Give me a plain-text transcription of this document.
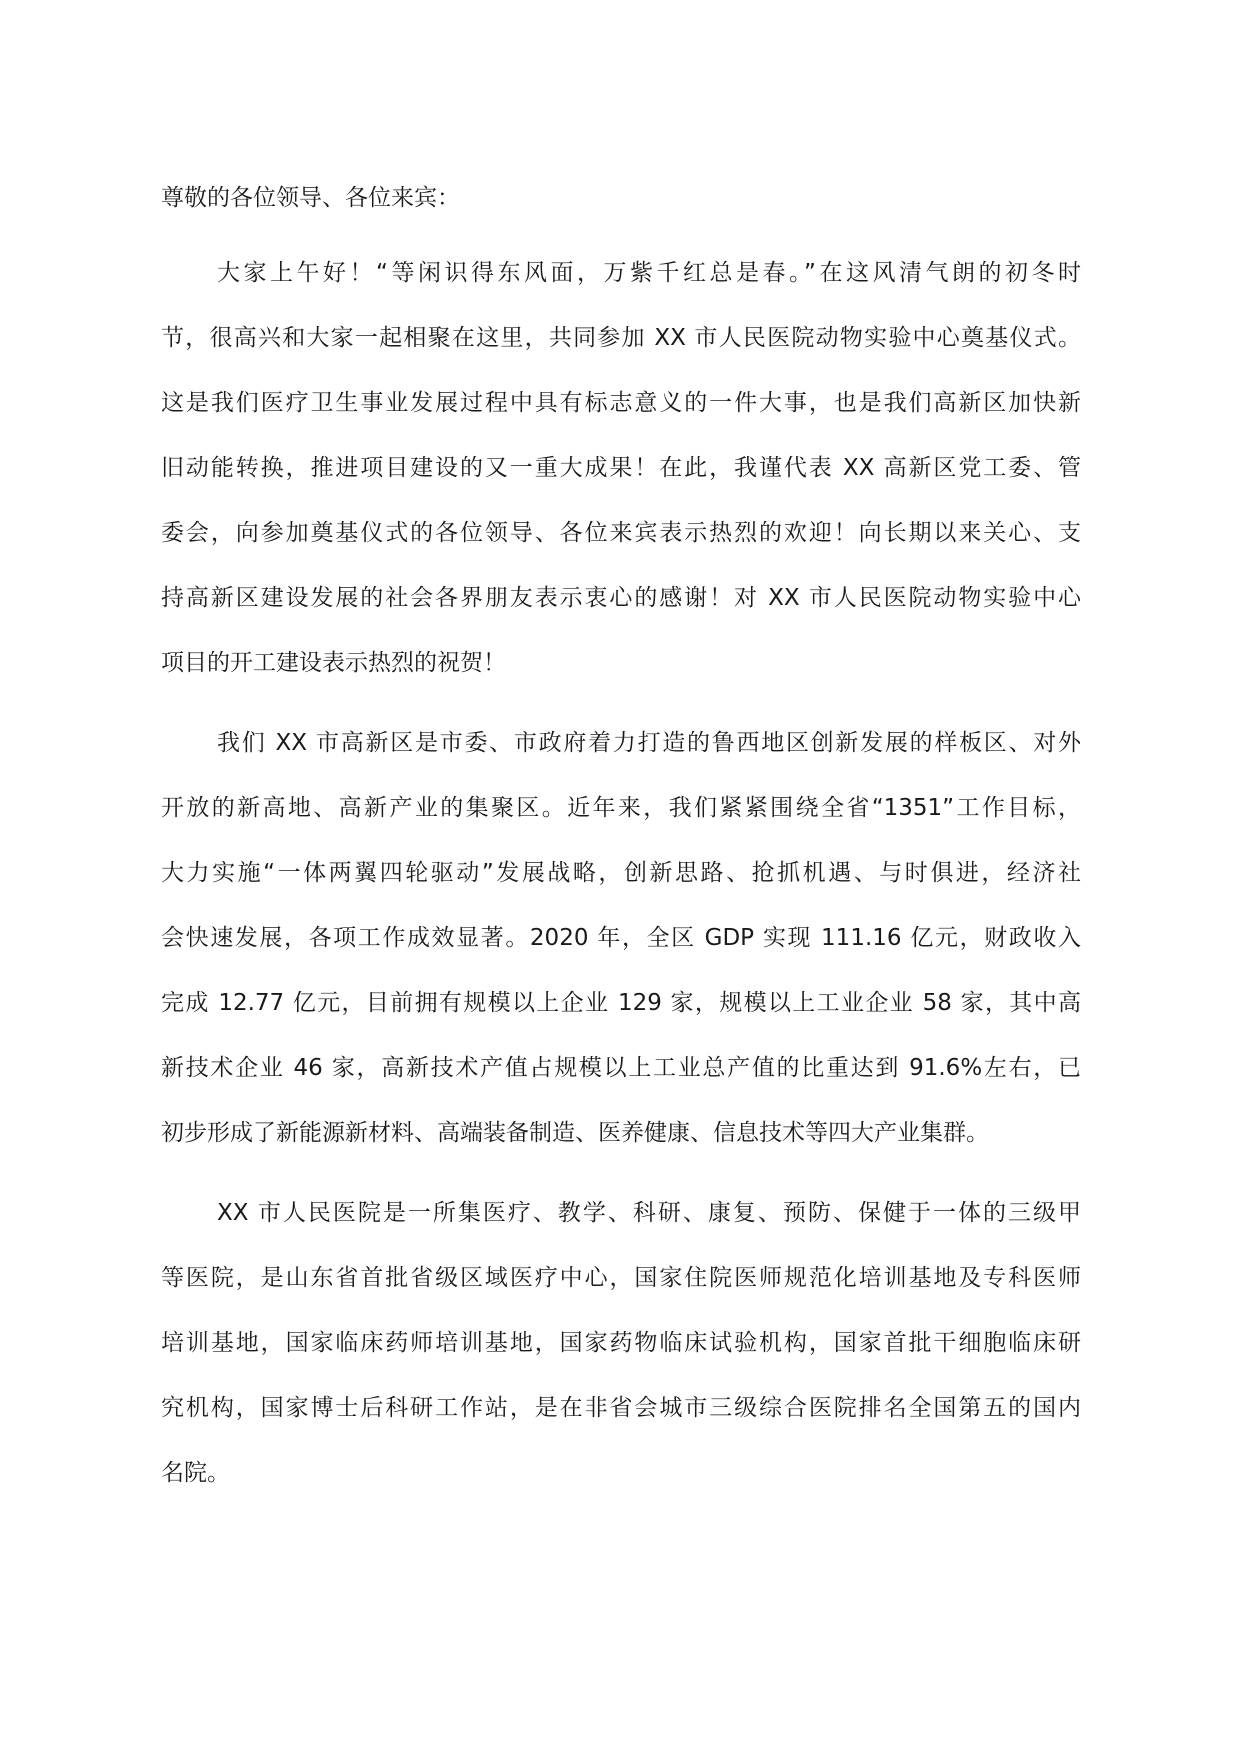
尊敬的各位领导、各位来宾：
大家上午好！“等闲识得东风面，万紫千红总是春。”在这风清气朗的初冬时
节，很高兴和大家一起相聚在这里，共同参加 XX 市人民医院动物实验中心奠基仪式。
这是我们医疗卫生事业发展过程中具有标志意义的一件大事，也是我们高新区加快新
旧动能转换，推进项目建设的又一重大成果！在此，我谨代表 XX 高新区党工委、管
委会，向参加奠基仪式的各位领导、各位来宾表示热烈的欢迎！向长期以来关心、支
持高新区建设发展的社会各界朋友表示衷心的感谢！对 XX 市人民医院动物实验中心
项目的开工建设表示热烈的祝贺！
我们 XX 市高新区是市委、市政府着力打造的鲁西地区创新发展的样板区、对外
开放的新高地、高新产业的集聚区。近年来，我们紧紧围绕全省“1351”工作目标，
大力实施“一体两翼四轮驱动”发展战略，创新思路、抢抓机遇、与时俱进，经济社
会快速发展，各项工作成效显著。2020 年，全区 GDP 实现 111.16 亿元，财政收入
完成 12.77 亿元，目前拥有规模以上企业 129 家，规模以上工业企业 58 家，其中高
新技术企业 46 家，高新技术产值占规模以上工业总产值的比重达到 91.6%左右，已
初步形成了新能源新材料、高端装备制造、医养健康、信息技术等四大产业集群。
XX 市人民医院是一所集医疗、教学、科研、康复、预防、保健于一体的三级甲
等医院，是山东省首批省级区域医疗中心，国家住院医师规范化培训基地及专科医师
培训基地，国家临床药师培训基地，国家药物临床试验机构，国家首批干细胞临床研
究机构，国家博士后科研工作站，是在非省会城市三级综合医院排名全国第五的国内
名院。
